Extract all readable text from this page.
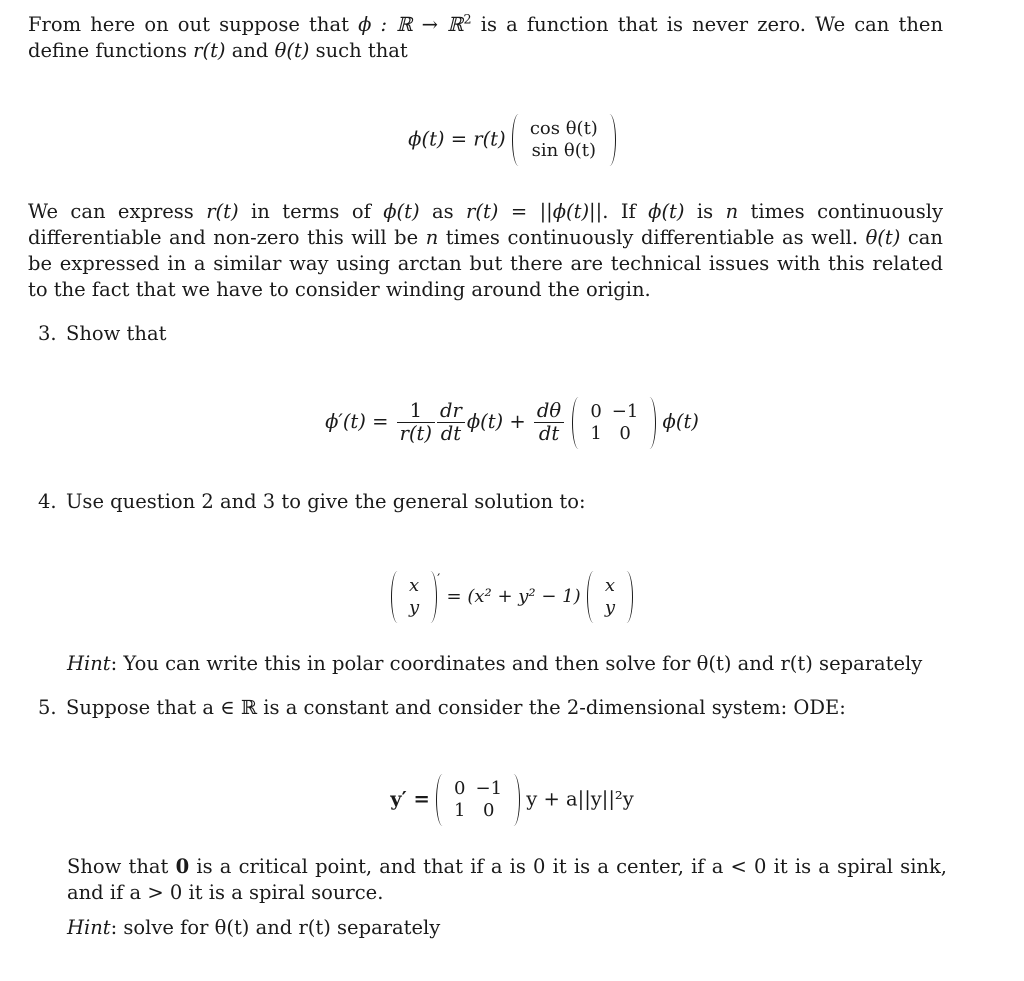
From here on out suppose that ϕ : ℝ → ℝ$^2$ is a function that is never zero. We can then define functions r(t) and θ(t) such that

ϕ(t) = r(t) cos θ(t)
sin θ(t)

We can express r(t) in terms of ϕ(t) as r(t) = ||ϕ(t)||. If ϕ(t) is n times continuously differentiable and non-zero this will be n times continuously differentiable as well. θ(t) can be expressed in a similar way using arctan but there are technical issues with this related to the fact that we have to consider winding around the origin.

3. Show that

$\phi'(t) = \frac{1}{r(t)} \frac{dr}{dt} \phi(t) + \frac{d\theta}{dt}$
0	−1
1	0 ϕ(t)

4. Use question 2 and 3 to give the general solution to:

x
y
′ = (x² + y² − 1)
x
y

Hint: You can write this in polar coordinates and then solve for θ(t) and r(t) separately

5. Suppose that a ∈ ℝ is a constant and consider the 2-dimensional system: ODE:

y′ = 0	−1
1	0 y + a||y||²y

Show that 0 is a critical point, and that if a is 0 it is a center, if a < 0 it is a spiral sink, and if a > 0 it is a spiral source.

Hint: solve for θ(t) and r(t) separately
